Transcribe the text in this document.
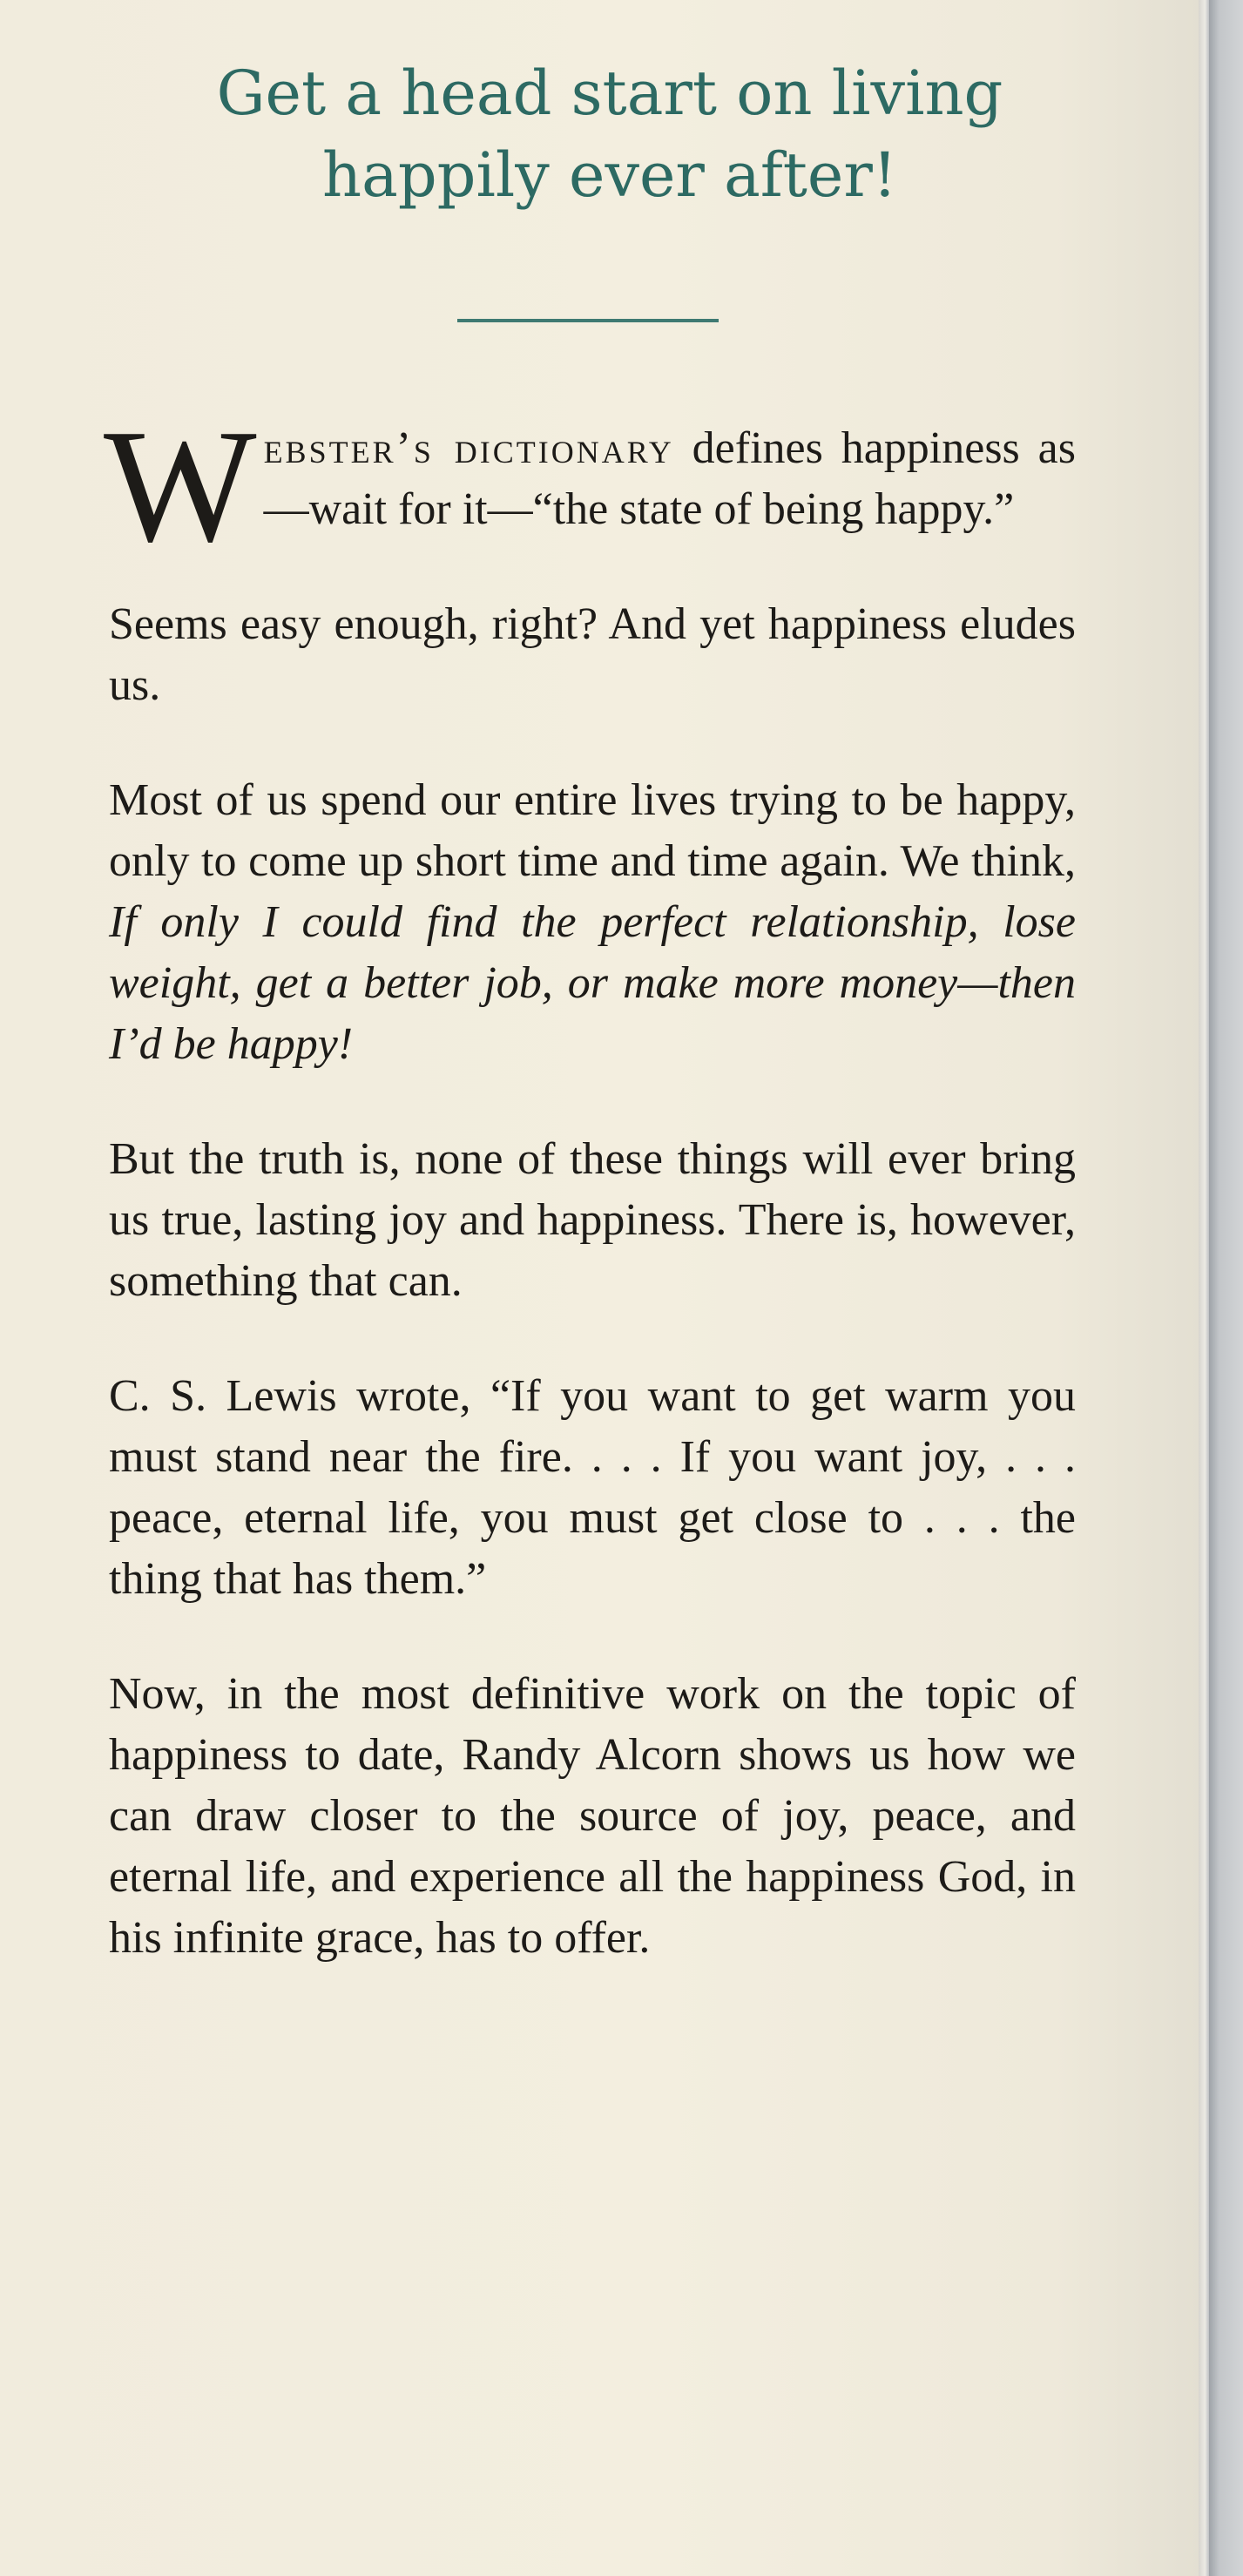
Get a head start on living
happily ever after!

Webster’s dictionary defines happiness as—wait for it—“the state of being happy.”

Seems easy enough, right? And yet happiness eludes us.

Most of us spend our entire lives trying to be happy, only to come up short time and time again. We think, If only I could find the perfect relationship, lose weight, get a better job, or make more money—then I’d be happy!

But the truth is, none of these things will ever bring us true, lasting joy and happiness. There is, however, something that can.

C. S. Lewis wrote, “If you want to get warm you must stand near the fire. . . . If you want joy, . . . peace, eternal life, you must get close to . . . the thing that has them.”

Now, in the most definitive work on the topic of happiness to date, Randy Alcorn shows us how we can draw closer to the source of joy, peace, and eternal life, and experience all the happiness God, in his infinite grace, has to offer.
